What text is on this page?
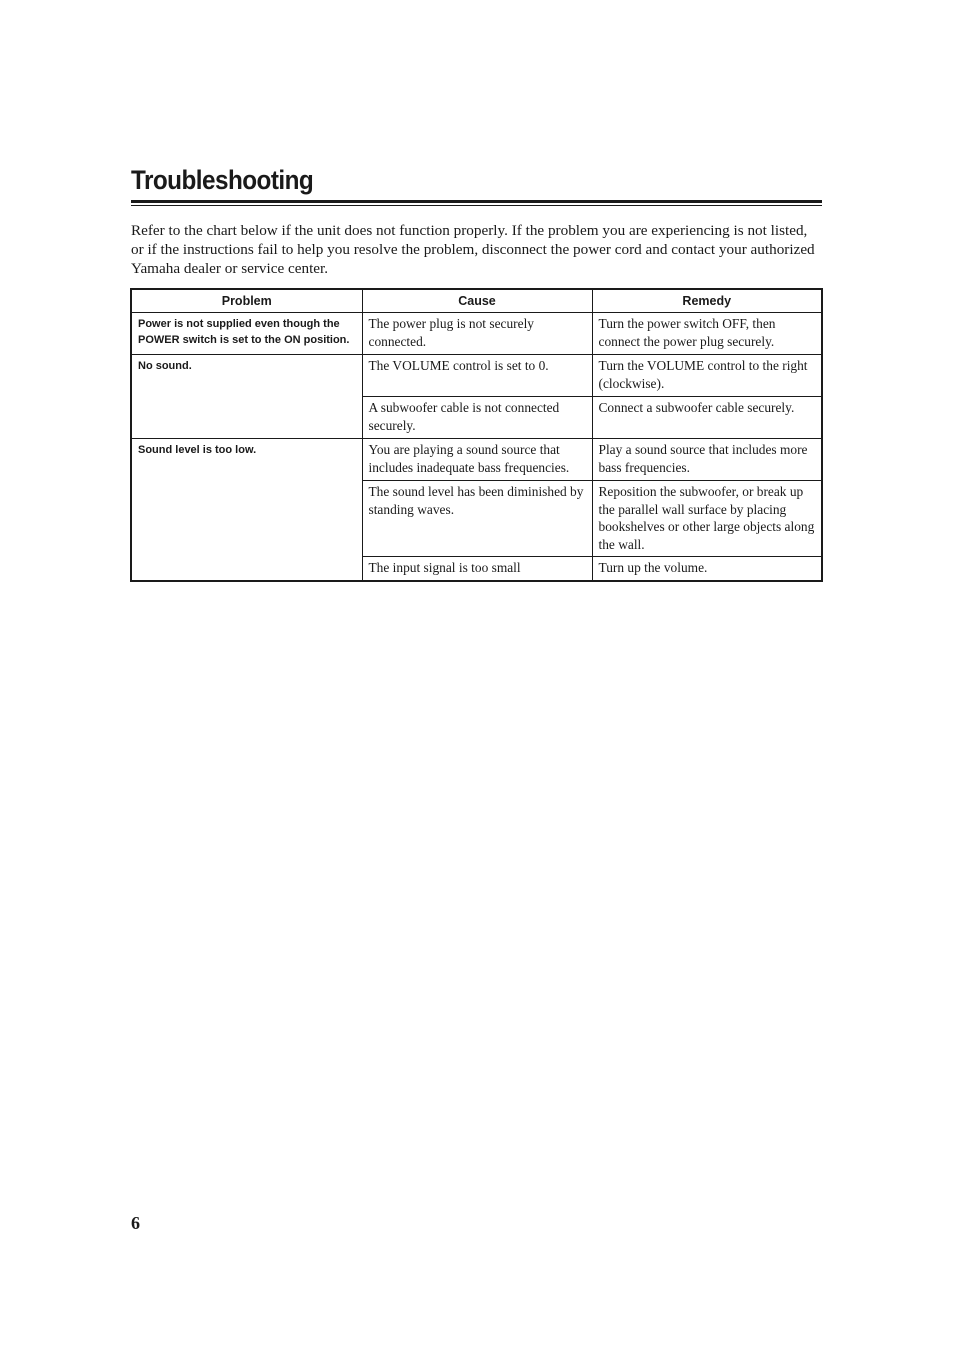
Troubleshooting

Refer to the chart below if the unit does not function properly. If the problem you are experiencing is not listed, or if the instructions fail to help you resolve the problem, disconnect the power cord and contact your authorized Yamaha dealer or service center.

Problem	Cause	Remedy
Power is not supplied even though the POWER switch is set to the ON position.	The power plug is not securely connected.	Turn the power switch OFF, then connect the power plug securely.
No sound.	The VOLUME control is set to 0.	Turn the VOLUME control to the right (clockwise).
	A subwoofer cable is not connected securely.	Connect a subwoofer cable securely.
Sound level is too low.	You are playing a sound source that includes inadequate bass frequencies.	Play a sound source that includes more bass frequencies.
	The sound level has been diminished by standing waves.	Reposition the subwoofer, or break up the parallel wall surface by placing bookshelves or other large objects along the wall.
	The input signal is too small	Turn up the volume.
6
